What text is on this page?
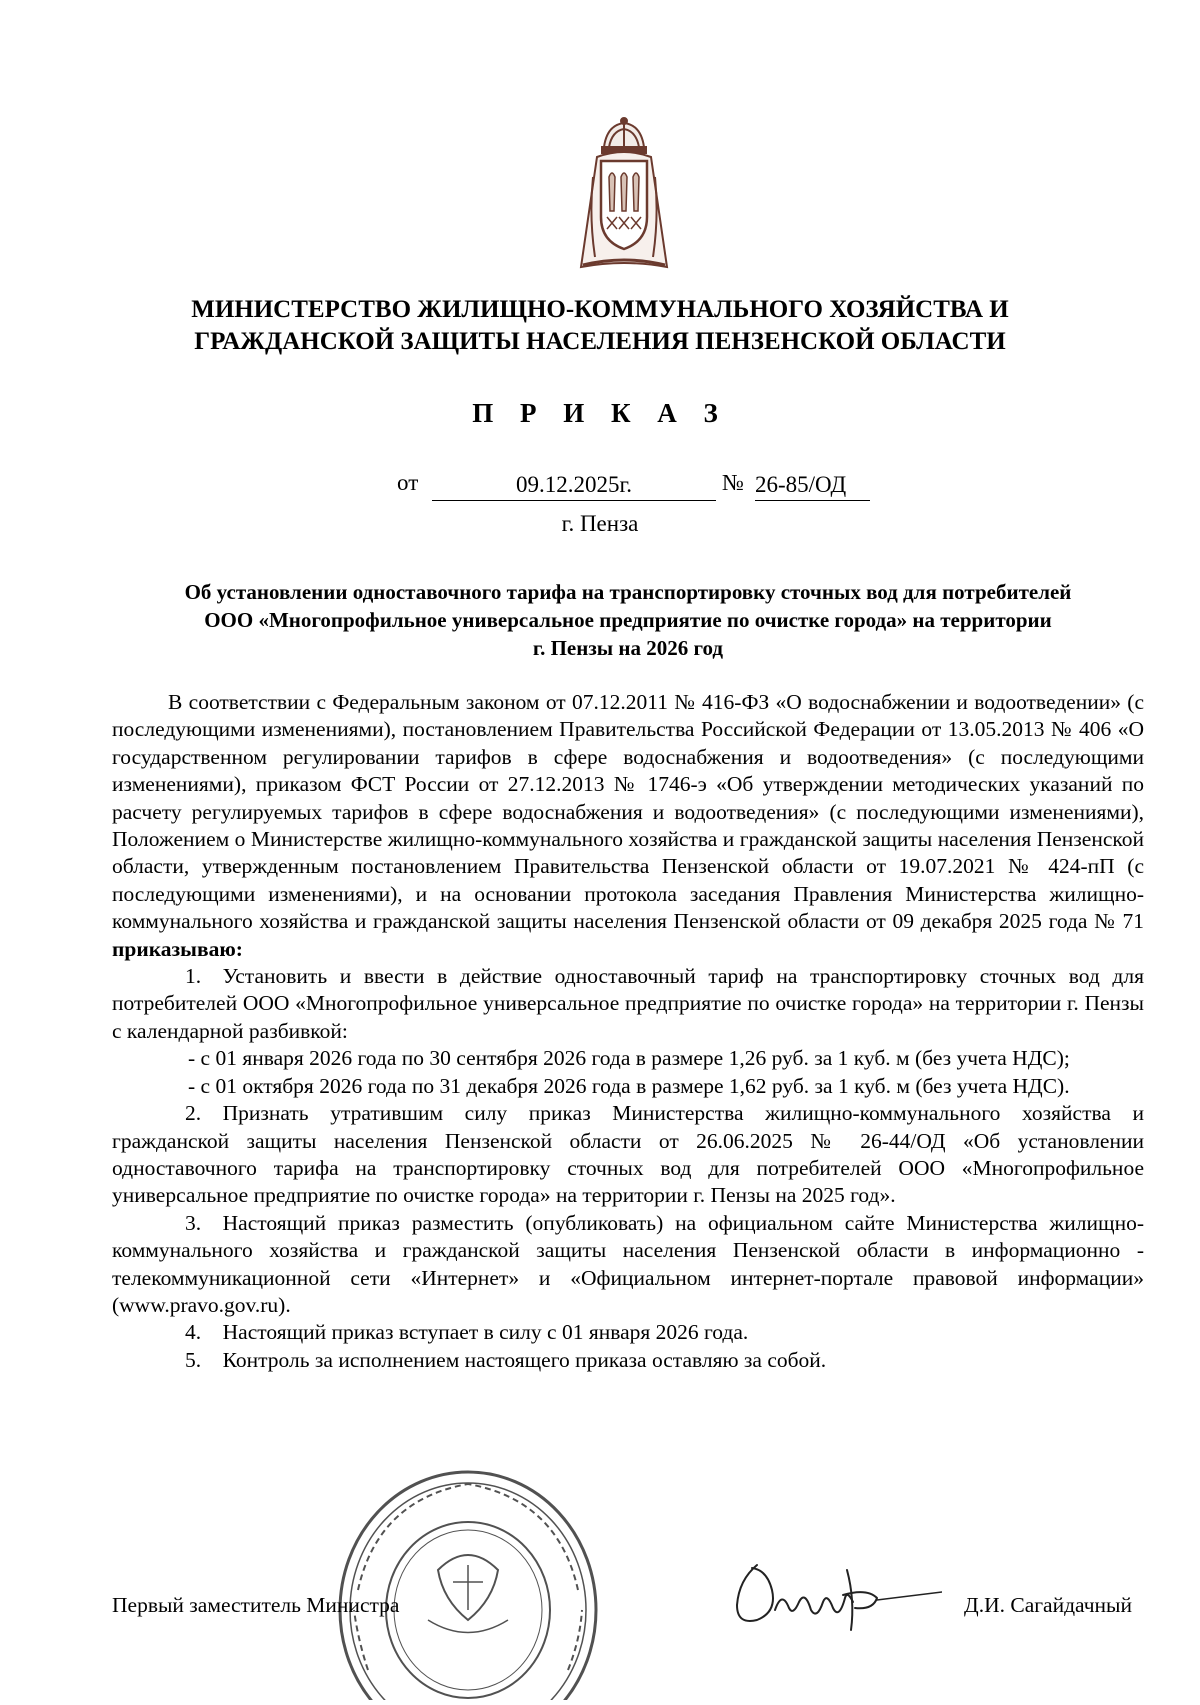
МИНИСТЕРСТВО ЖИЛИЩНО-КОММУНАЛЬНОГО ХОЗЯЙСТВА И
ГРАЖДАНСКОЙ ЗАЩИТЫ НАСЕЛЕНИЯ ПЕНЗЕНСКОЙ ОБЛАСТИ
П Р И К А З
от	09.12.2025г.	№ 26-85/ОД
г. Пенза
Об установлении одноставочного тарифа на транспортировку сточных вод для потребителей
ООО «Многопрофильное универсальное предприятие по очистке города» на территории
г. Пензы на 2026 год

В соответствии с Федеральным законом от 07.12.2011 № 416-ФЗ «О водоснабжении и водоотведении» (с последующими изменениями), постановлением Правительства Российской Федерации от 13.05.2013 № 406 «О государственном регулировании тарифов в сфере водоснабжения и водоотведения» (с последующими изменениями), приказом ФСТ России от 27.12.2013 № 1746-э «Об утверждении методических указаний по расчету регулируемых тарифов в сфере водоснабжения и водоотведения» (с последующими изменениями), Положением о Министерстве жилищно-коммунального хозяйства и гражданской защиты населения Пензенской области, утвержденным постановлением Правительства Пензенской области от 19.07.2021 № 424-пП (с последующими изменениями), и на основании протокола заседания Правления Министерства жилищно-коммунального хозяйства и гражданской защиты населения Пензенской области от 09 декабря 2025 года № 71 приказываю:

1. Установить и ввести в действие одноставочный тариф на транспортировку сточных вод для потребителей ООО «Многопрофильное универсальное предприятие по очистке города» на территории г. Пензы с календарной разбивкой:

- с 01 января 2026 года по 30 сентября 2026 года в размере 1,26 руб. за 1 куб. м (без учета НДС);

- с 01 октября 2026 года по 31 декабря 2026 года в размере 1,62 руб. за 1 куб. м (без учета НДС).

2. Признать утратившим силу приказ Министерства жилищно-коммунального хозяйства и гражданской защиты населения Пензенской области от 26.06.2025 № 26-44/ОД «Об установлении одноставочного тарифа на транспортировку сточных вод для потребителей ООО «Многопрофильное универсальное предприятие по очистке города» на территории г. Пензы на 2025 год».

3. Настоящий приказ разместить (опубликовать) на официальном сайте Министерства жилищно-коммунального хозяйства и гражданской защиты населения Пензенской области в информационно - телекоммуникационной сети «Интернет» и «Официальном интернет-портале правовой информации» (www.pravo.gov.ru).

4. Настоящий приказ вступает в силу с 01 января 2026 года.

5. Контроль за исполнением настоящего приказа оставляю за собой.

Первый заместитель Министра	Д.И. Сагайдачный
